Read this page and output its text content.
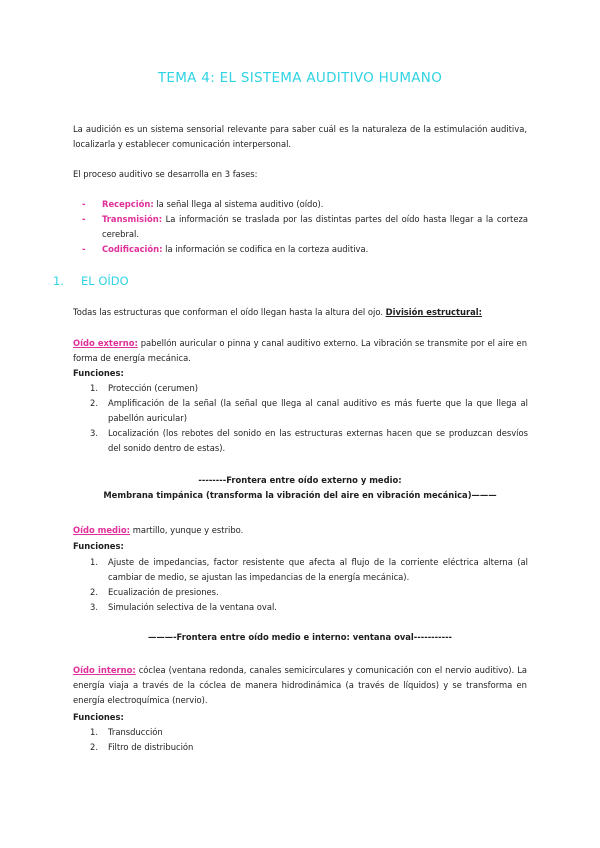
TEMA 4: EL SISTEMA AUDITIVO HUMANO
La audición es un sistema sensorial relevante para saber cuál es la naturaleza de la estimulación auditiva, localizarla y establecer comunicación interpersonal.
El proceso auditivo se desarrolla en 3 fases:
- Recepción: la señal llega al sistema auditivo (oído).
- Transmisión: La información se traslada por las distintas partes del oído hasta llegar a la corteza cerebral.
- Codificación: la información se codifica en la corteza auditiva.
1. EL OÍDO
Todas las estructuras que conforman el oído llegan hasta la altura del ojo. División estructural:
Oído externo: pabellón auricular o pinna y canal auditivo externo. La vibración se transmite por el aire en forma de energía mecánica.
Funciones:
1. Protección (cerumen)
2. Amplificación de la señal (la señal que llega al canal auditivo es más fuerte que la que llega al pabellón auricular)
3. Localización (los rebotes del sonido en las estructuras externas hacen que se produzcan desvíos del sonido dentro de estas).
--------Frontera entre oído externo y medio:
Membrana timpánica (transforma la vibración del aire en vibración mecánica)———
Oído medio: martillo, yunque y estribo.
Funciones:
1. Ajuste de impedancias, factor resistente que afecta al flujo de la corriente eléctrica alterna (al cambiar de medio, se ajustan las impedancias de la energía mecánica).
2. Ecualización de presiones.
3. Simulación selectiva de la ventana oval.
———-Frontera entre oído medio e interno: ventana oval-----------
Oído interno: cóclea (ventana redonda, canales semicirculares y comunicación con el nervio auditivo). La energía viaja a través de la cóclea de manera hidrodinámica (a través de líquidos) y se transforma en energía electroquímica (nervio).
Funciones:
1. Transducción
2. Filtro de distribución
